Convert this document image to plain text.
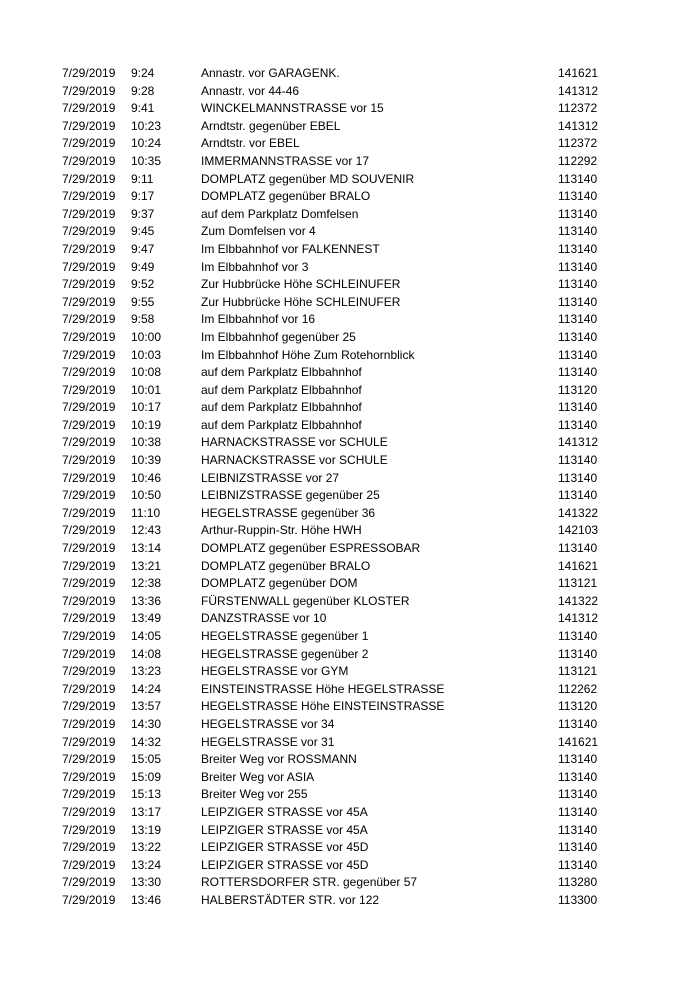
7/29/2019 9:24	Annastr. vor GARAGENK.	141621
7/29/2019 9:28	Annastr. vor 44-46	141312
7/29/2019 9:41	WINCKELMANNSTRASSE vor 15	112372
7/29/2019 10:23	Arndtstr. gegenüber EBEL	141312
7/29/2019 10:24	Arndtstr. vor EBEL	112372
7/29/2019 10:35	IMMERMANNSTRASSE vor 17	112292
7/29/2019 9:11	DOMPLATZ gegenüber MD SOUVENIR	113140
7/29/2019 9:17	DOMPLATZ gegenüber BRALO	113140
7/29/2019 9:37	auf dem Parkplatz Domfelsen	113140
7/29/2019 9:45	Zum Domfelsen vor 4	113140
7/29/2019 9:47	Im Elbbahnhof vor FALKENNEST	113140
7/29/2019 9:49	Im Elbbahnhof vor 3	113140
7/29/2019 9:52	Zur Hubbrücke Höhe SCHLEINUFER	113140
7/29/2019 9:55	Zur Hubbrücke Höhe SCHLEINUFER	113140
7/29/2019 9:58	Im Elbbahnhof vor 16	113140
7/29/2019 10:00	Im Elbbahnhof gegenüber 25	113140
7/29/2019 10:03	Im Elbbahnhof Höhe Zum Rotehornblick	113140
7/29/2019 10:08	auf dem Parkplatz Elbbahnhof	113140
7/29/2019 10:01	auf dem Parkplatz Elbbahnhof	113120
7/29/2019 10:17	auf dem Parkplatz Elbbahnhof	113140
7/29/2019 10:19	auf dem Parkplatz Elbbahnhof	113140
7/29/2019 10:38	HARNACKSTRASSE vor SCHULE	141312
7/29/2019 10:39	HARNACKSTRASSE vor SCHULE	113140
7/29/2019 10:46	LEIBNIZSTRASSE vor 27	113140
7/29/2019 10:50	LEIBNIZSTRASSE gegenüber 25	113140
7/29/2019 11:10	HEGELSTRASSE gegenüber 36	141322
7/29/2019 12:43	Arthur-Ruppin-Str. Höhe HWH	142103
7/29/2019 13:14	DOMPLATZ gegenüber ESPRESSOBAR	113140
7/29/2019 13:21	DOMPLATZ gegenüber BRALO	141621
7/29/2019 12:38	DOMPLATZ gegenüber DOM	113121
7/29/2019 13:36	FÜRSTENWALL gegenüber KLOSTER	141322
7/29/2019 13:49	DANZSTRASSE vor 10	141312
7/29/2019 14:05	HEGELSTRASSE gegenüber 1	113140
7/29/2019 14:08	HEGELSTRASSE gegenüber 2	113140
7/29/2019 13:23	HEGELSTRASSE vor GYM	113121
7/29/2019 14:24	EINSTEINSTRASSE Höhe HEGELSTRASSE	112262
7/29/2019 13:57	HEGELSTRASSE Höhe EINSTEINSTRASSE	113120
7/29/2019 14:30	HEGELSTRASSE vor 34	113140
7/29/2019 14:32	HEGELSTRASSE vor 31	141621
7/29/2019 15:05	Breiter Weg vor ROSSMANN	113140
7/29/2019 15:09	Breiter Weg vor ASIA	113140
7/29/2019 15:13	Breiter Weg vor 255	113140
7/29/2019 13:17	LEIPZIGER STRASSE vor 45A	113140
7/29/2019 13:19	LEIPZIGER STRASSE vor 45A	113140
7/29/2019 13:22	LEIPZIGER STRASSE vor 45D	113140
7/29/2019 13:24	LEIPZIGER STRASSE vor 45D	113140
7/29/2019 13:30	ROTTERSDORFER STR. gegenüber 57	113280
7/29/2019 13:46	HALBERSTÄDTER STR. vor 122	113300
